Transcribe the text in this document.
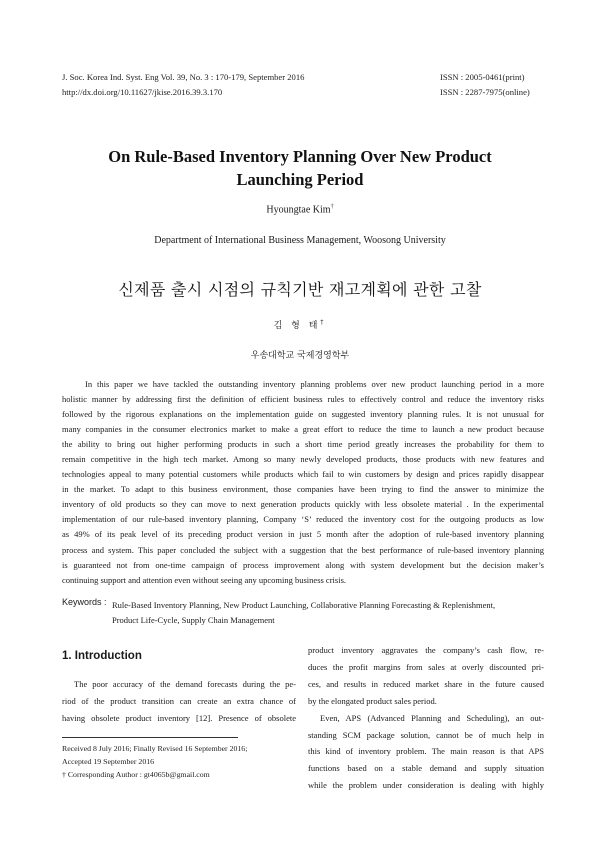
J. Soc. Korea Ind. Syst. Eng Vol. 39, No. 3 : 170-179, September 2016
http://dx.doi.org/10.11627/jkise.2016.39.3.170
ISSN : 2005-0461(print)
ISSN : 2287-7975(online)
On Rule-Based Inventory Planning Over New Product
Launching Period
Hyoungtae Kim†
Department of International Business Management, Woosong University
신제품 출시 시점의 규칙기반 재고계획에 관한 고찰
김 형 태†
우송대학교 국제경영학부
In this paper we have tackled the outstanding inventory planning problems over new product launching period in a more
holistic manner by addressing first the definition of efficient business rules to effectively control and reduce the inventory risks
followed by the rigorous explanations on the implementation guide on suggested inventory planning rules. It is not unusual for
many companies in the consumer electronics market to make a great effort to reduce the time to launch a new product because
the ability to bring out higher performing products in such a short time period greatly increases the probability for them to
remain competitive in the high tech market. Among so many newly developed products, those products with new features and
technologies appeal to many potential customers while products which fail to win customers by design and prices rapidly disappear
in the market. To adapt to this business environment, those companies have been trying to find the answer to minimize the
inventory of old products so they can move to next generation products quickly with less obsolete material . In the experimental
implementation of our rule-based inventory planning, Company ‘S’ reduced the inventory cost for the outgoing products as low
as 49% of its peak level of its preceding product version in just 5 month after the adoption of rule-based inventory planning
process and system. This paper concluded the subject with a suggestion that the best performance of rule-based inventory planning
is guaranteed not from one-time campaign of process improvement along with system development but the decision maker’s
continuing support and attention even without seeing any upcoming business crisis.
Keywords : Rule-Based Inventory Planning, New Product Launching, Collaborative Planning Forecasting & Replenishment,
Product Life-Cycle, Supply Chain Management
1. Introduction
The poor accuracy of the demand forecasts during the pe-
riod of the product transition can create an extra chance of
having obsolete product inventory [12]. Presence of obsolete
product inventory aggravates the company’s cash flow, re-
duces the profit margins from sales at overly discounted pri-
ces, and results in reduced market share in the future caused
by the elongated product sales period.
Even, APS (Advanced Planning and Scheduling), an out-
standing SCM package solution, cannot be of much help in
this kind of inventory problem. The main reason is that APS
functions based on a stable demand and supply situation
while the problem under consideration is dealing with highly
Received 8 July 2016; Finally Revised 16 September 2016;
Accepted 19 September 2016
† Corresponding Author : gt4065b@gmail.com
